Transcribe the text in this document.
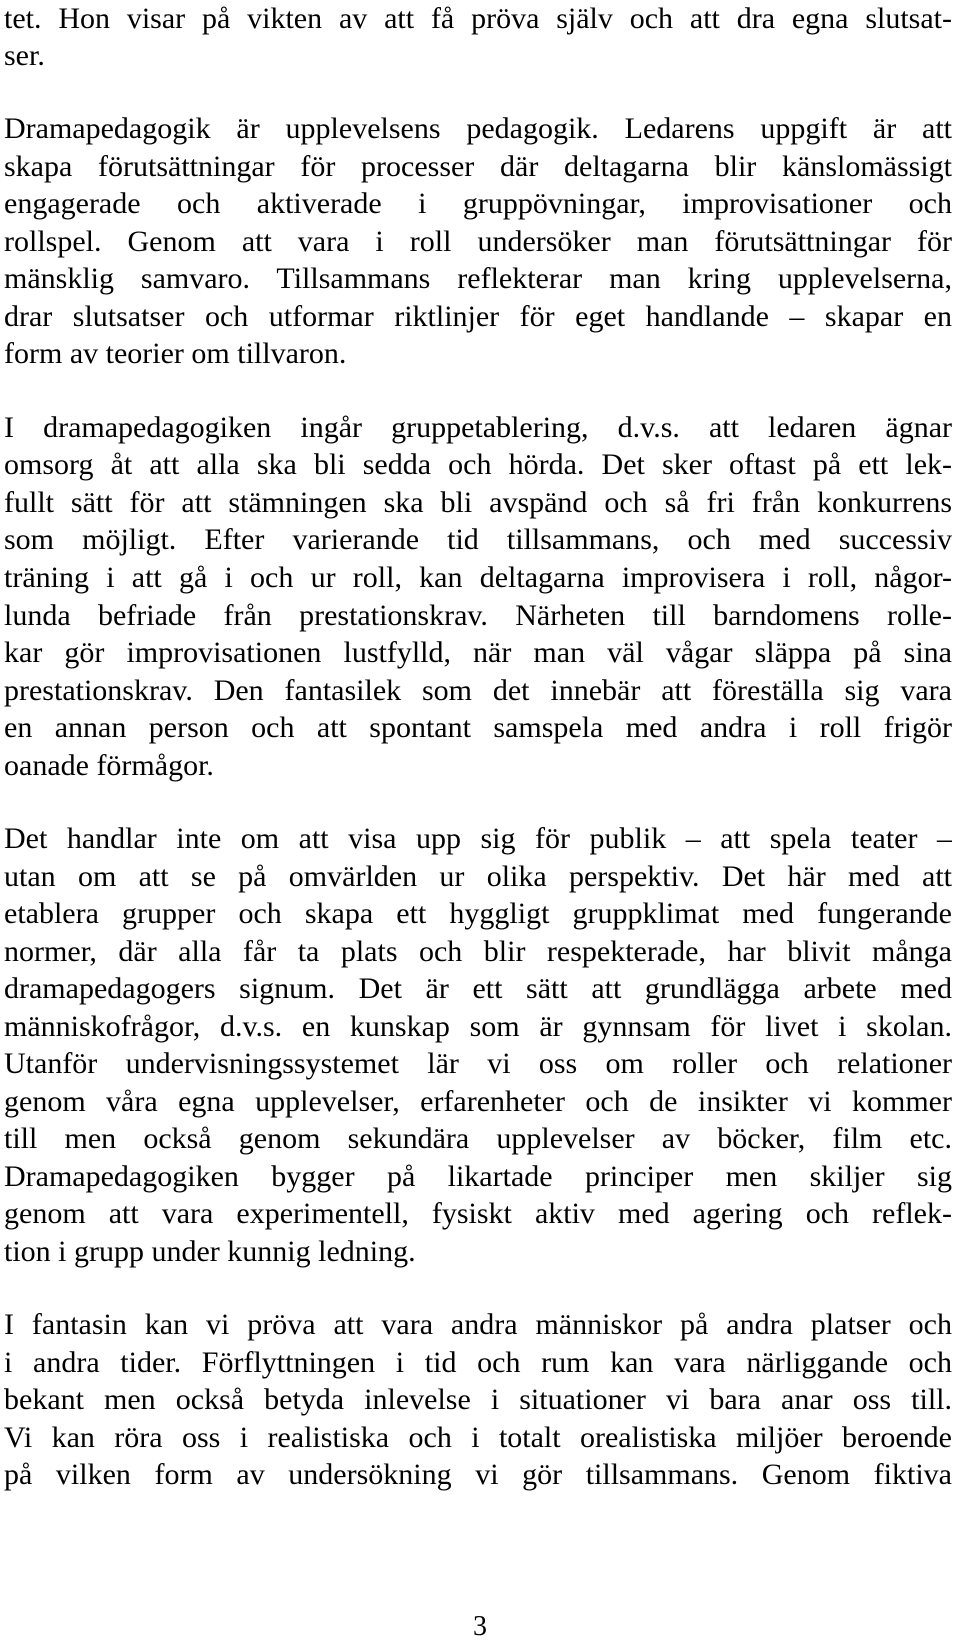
tet. Hon visar på vikten av att få pröva själv och att dra egna slutsat-
ser.
Dramapedagogik är upplevelsens pedagogik. Ledarens uppgift är att
skapa förutsättningar för processer där deltagarna blir känslomässigt
engagerade och aktiverade i gruppövningar, improvisationer och
rollspel. Genom att vara i roll undersöker man förutsättningar för
mänsklig samvaro. Tillsammans reflekterar man kring upplevelserna,
drar slutsatser och utformar riktlinjer för eget handlande – skapar en
form av teorier om tillvaron.
I dramapedagogiken ingår gruppetablering, d.v.s. att ledaren ägnar
omsorg åt att alla ska bli sedda och hörda. Det sker oftast på ett lek-
fullt sätt för att stämningen ska bli avspänd och så fri från konkurrens
som möjligt. Efter varierande tid tillsammans, och med successiv
träning i att gå i och ur roll, kan deltagarna improvisera i roll, någor-
lunda befriade från prestationskrav. Närheten till barndomens rolle-
kar gör improvisationen lustfylld, när man väl vågar släppa på sina
prestationskrav. Den fantasilek som det innebär att föreställa sig vara
en annan person och att spontant samspela med andra i roll frigör
oanade förmågor.
Det handlar inte om att visa upp sig för publik – att spela teater –
utan om att se på omvärlden ur olika perspektiv. Det här med att
etablera grupper och skapa ett hyggligt gruppklimat med fungerande
normer, där alla får ta plats och blir respekterade, har blivit många
dramapedagogers signum. Det är ett sätt att grundlägga arbete med
människofrågor, d.v.s. en kunskap som är gynnsam för livet i skolan.
Utanför undervisningssystemet lär vi oss om roller och relationer
genom våra egna upplevelser, erfarenheter och de insikter vi kommer
till men också genom sekundära upplevelser av böcker, film etc.
Dramapedagogiken bygger på likartade principer men skiljer sig
genom att vara experimentell, fysiskt aktiv med agering och reflek-
tion i grupp under kunnig ledning.
I fantasin kan vi pröva att vara andra människor på andra platser och
i andra tider. Förflyttningen i tid och rum kan vara närliggande och
bekant men också betyda inlevelse i situationer vi bara anar oss till.
Vi kan röra oss i realistiska och i totalt orealistiska miljöer beroende
på vilken form av undersökning vi gör tillsammans. Genom fiktiva
3
